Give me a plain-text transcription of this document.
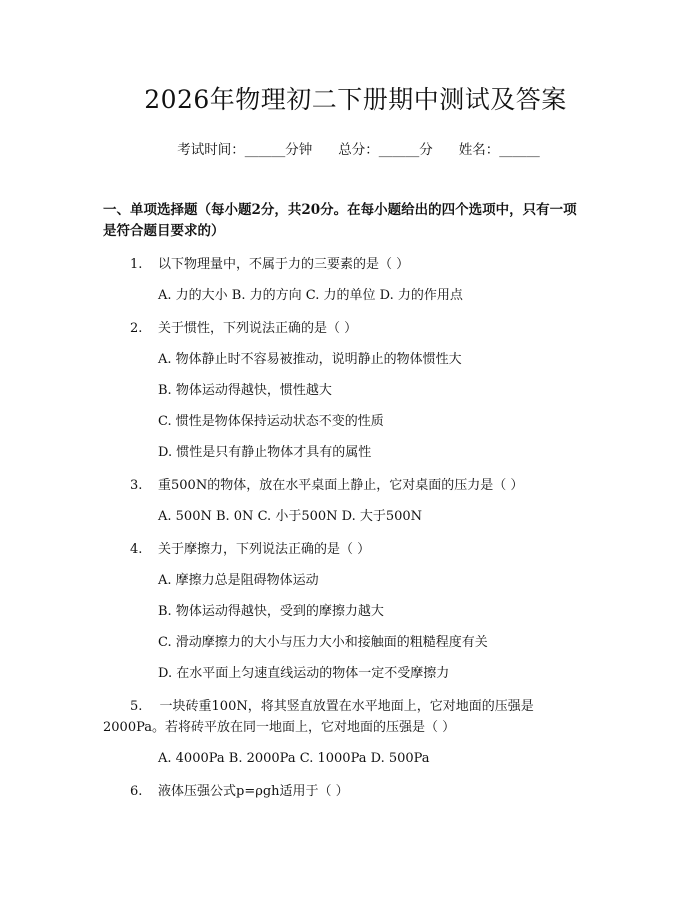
2026年物理初二下册期中测试及答案
考试时间：______分钟 总分：______分 姓名：______
一、单项选择题（每小题2分，共20分。在每小题给出的四个选项中，只有一项
是符合题目要求的）
1. 以下物理量中，不属于力的三要素的是（ ）
A. 力的大小 B. 力的方向 C. 力的单位 D. 力的作用点
2. 关于惯性，下列说法正确的是（ ）
A. 物体静止时不容易被推动，说明静止的物体惯性大
B. 物体运动得越快，惯性越大
C. 惯性是物体保持运动状态不变的性质
D. 惯性是只有静止物体才具有的属性
3. 重500N的物体，放在水平桌面上静止，它对桌面的压力是（ ）
A. 500N B. 0N C. 小于500N D. 大于500N
4. 关于摩擦力，下列说法正确的是（ ）
A. 摩擦力总是阻碍物体运动
B. 物体运动得越快，受到的摩擦力越大
C. 滑动摩擦力的大小与压力大小和接触面的粗糙程度有关
D. 在水平面上匀速直线运动的物体一定不受摩擦力
5.　 一块砖重100N，将其竖直放置在水平地面上，它对地面的压强是
2000Pa。若将砖平放在同一地面上，它对地面的压强是（ ）
A. 4000Pa B. 2000Pa C. 1000Pa D. 500Pa
6. 液体压强公式p=ρgh适用于（ ）
